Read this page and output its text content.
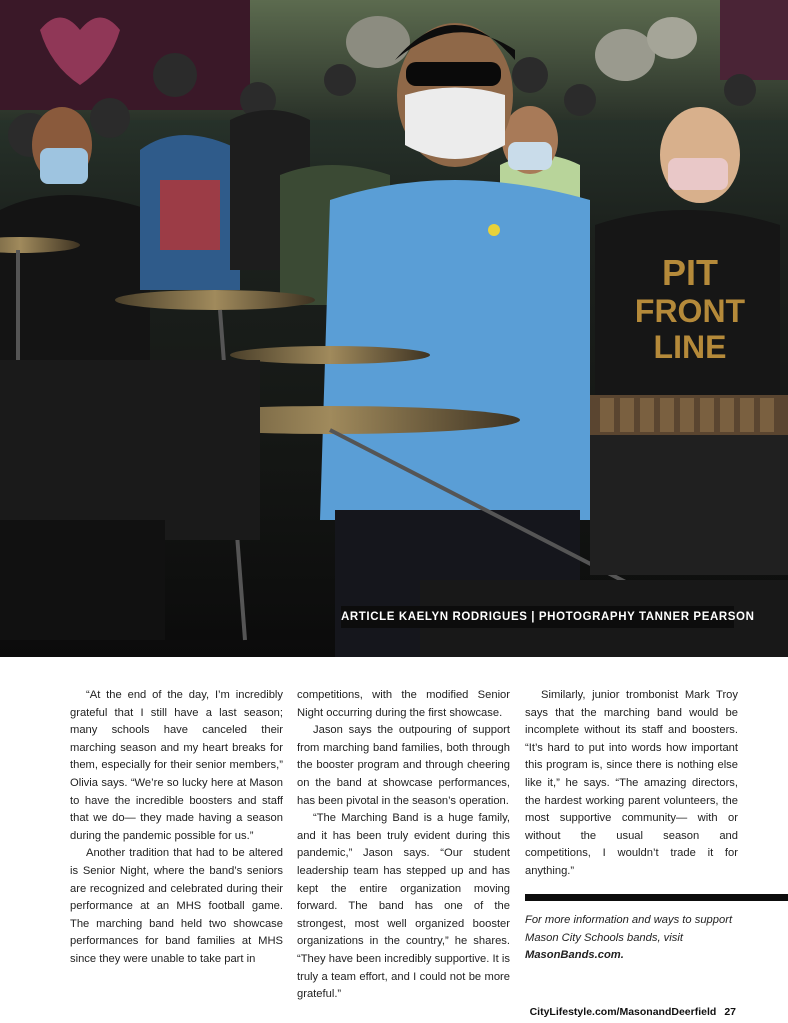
PIT
FRONT
LINE
ARTICLE KAELYN RODRIGUES | PHOTOGRAPHY TANNER PEARSON

“At the end of the day, I’m incredibly grateful that I still have a last season; many schools have canceled their marching season and my heart breaks for them, especially for their senior members,” Olivia says. “We’re so lucky here at Mason to have the incredible boosters and staff that we do— they made having a season during the pandemic possible for us.”

Another tradition that had to be altered is Senior Night, where the band’s seniors are recognized and celebrated during their performance at an MHS football game. The marching band held two showcase performances for band families at MHS since they were unable to take part in

competitions, with the modified Senior Night occurring during the first showcase.

Jason says the outpouring of support from marching band families, both through the booster program and through cheering on the band at showcase performances, has been pivotal in the season’s operation.

“The Marching Band is a huge family, and it has been truly evident during this pandemic,” Jason says. “Our student leadership team has stepped up and has kept the entire organization moving forward. The band has one of the strongest, most well organized booster organizations in the country,” he shares. “They have been incredibly supportive. It is truly a team effort, and I could not be more grateful.”

Similarly, junior trombonist Mark Troy says that the marching band would be incomplete without its staff and boosters. “It’s hard to put into words how important this program is, since there is nothing else like it,” he says. “The amazing directors, the hardest working parent volunteers, the most supportive community— with or without the usual season and competitions, I wouldn’t trade it for anything.”

For more information and ways to support Mason City Schools bands, visit MasonBands.com.
CityLifestyle.com/MasonandDeerfield 27
